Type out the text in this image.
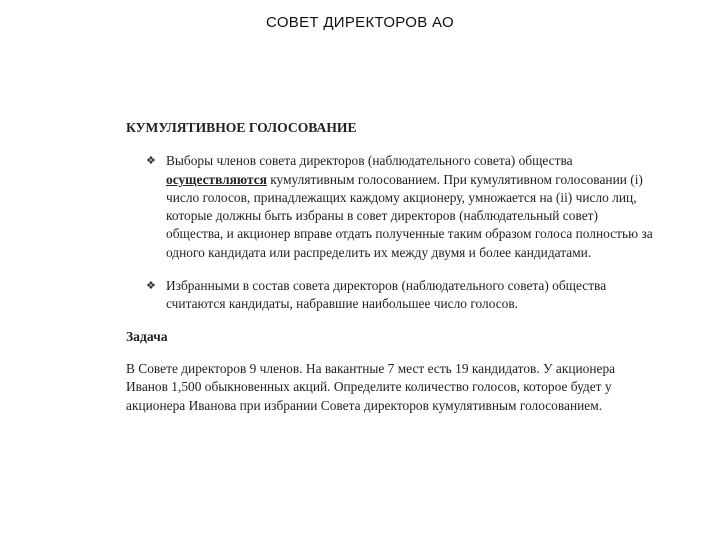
СОВЕТ ДИРЕКТОРОВ АО
КУМУЛЯТИВНОЕ ГОЛОСОВАНИЕ
❖ Выборы членов совета директоров (наблюдательного совета) общества осуществляются кумулятивным голосованием. При кумулятивном голосовании (i) число голосов, принадлежащих каждому акционеру, умножается на (ii) число лиц, которые должны быть избраны в совет директоров (наблюдательный совет) общества, и акционер вправе отдать полученные таким образом голоса полностью за одного кандидата или распределить их между двумя и более кандидатами.
❖ Избранными в состав совета директоров (наблюдательного совета) общества считаются кандидаты, набравшие наибольшее число голосов.
Задача
В Совете директоров 9 членов. На вакантные 7 мест есть 19 кандидатов. У акционера Иванов 1,500 обыкновенных акций. Определите количество голосов, которое будет у акционера Иванова при избрании Совета директоров кумулятивным голосованием.
